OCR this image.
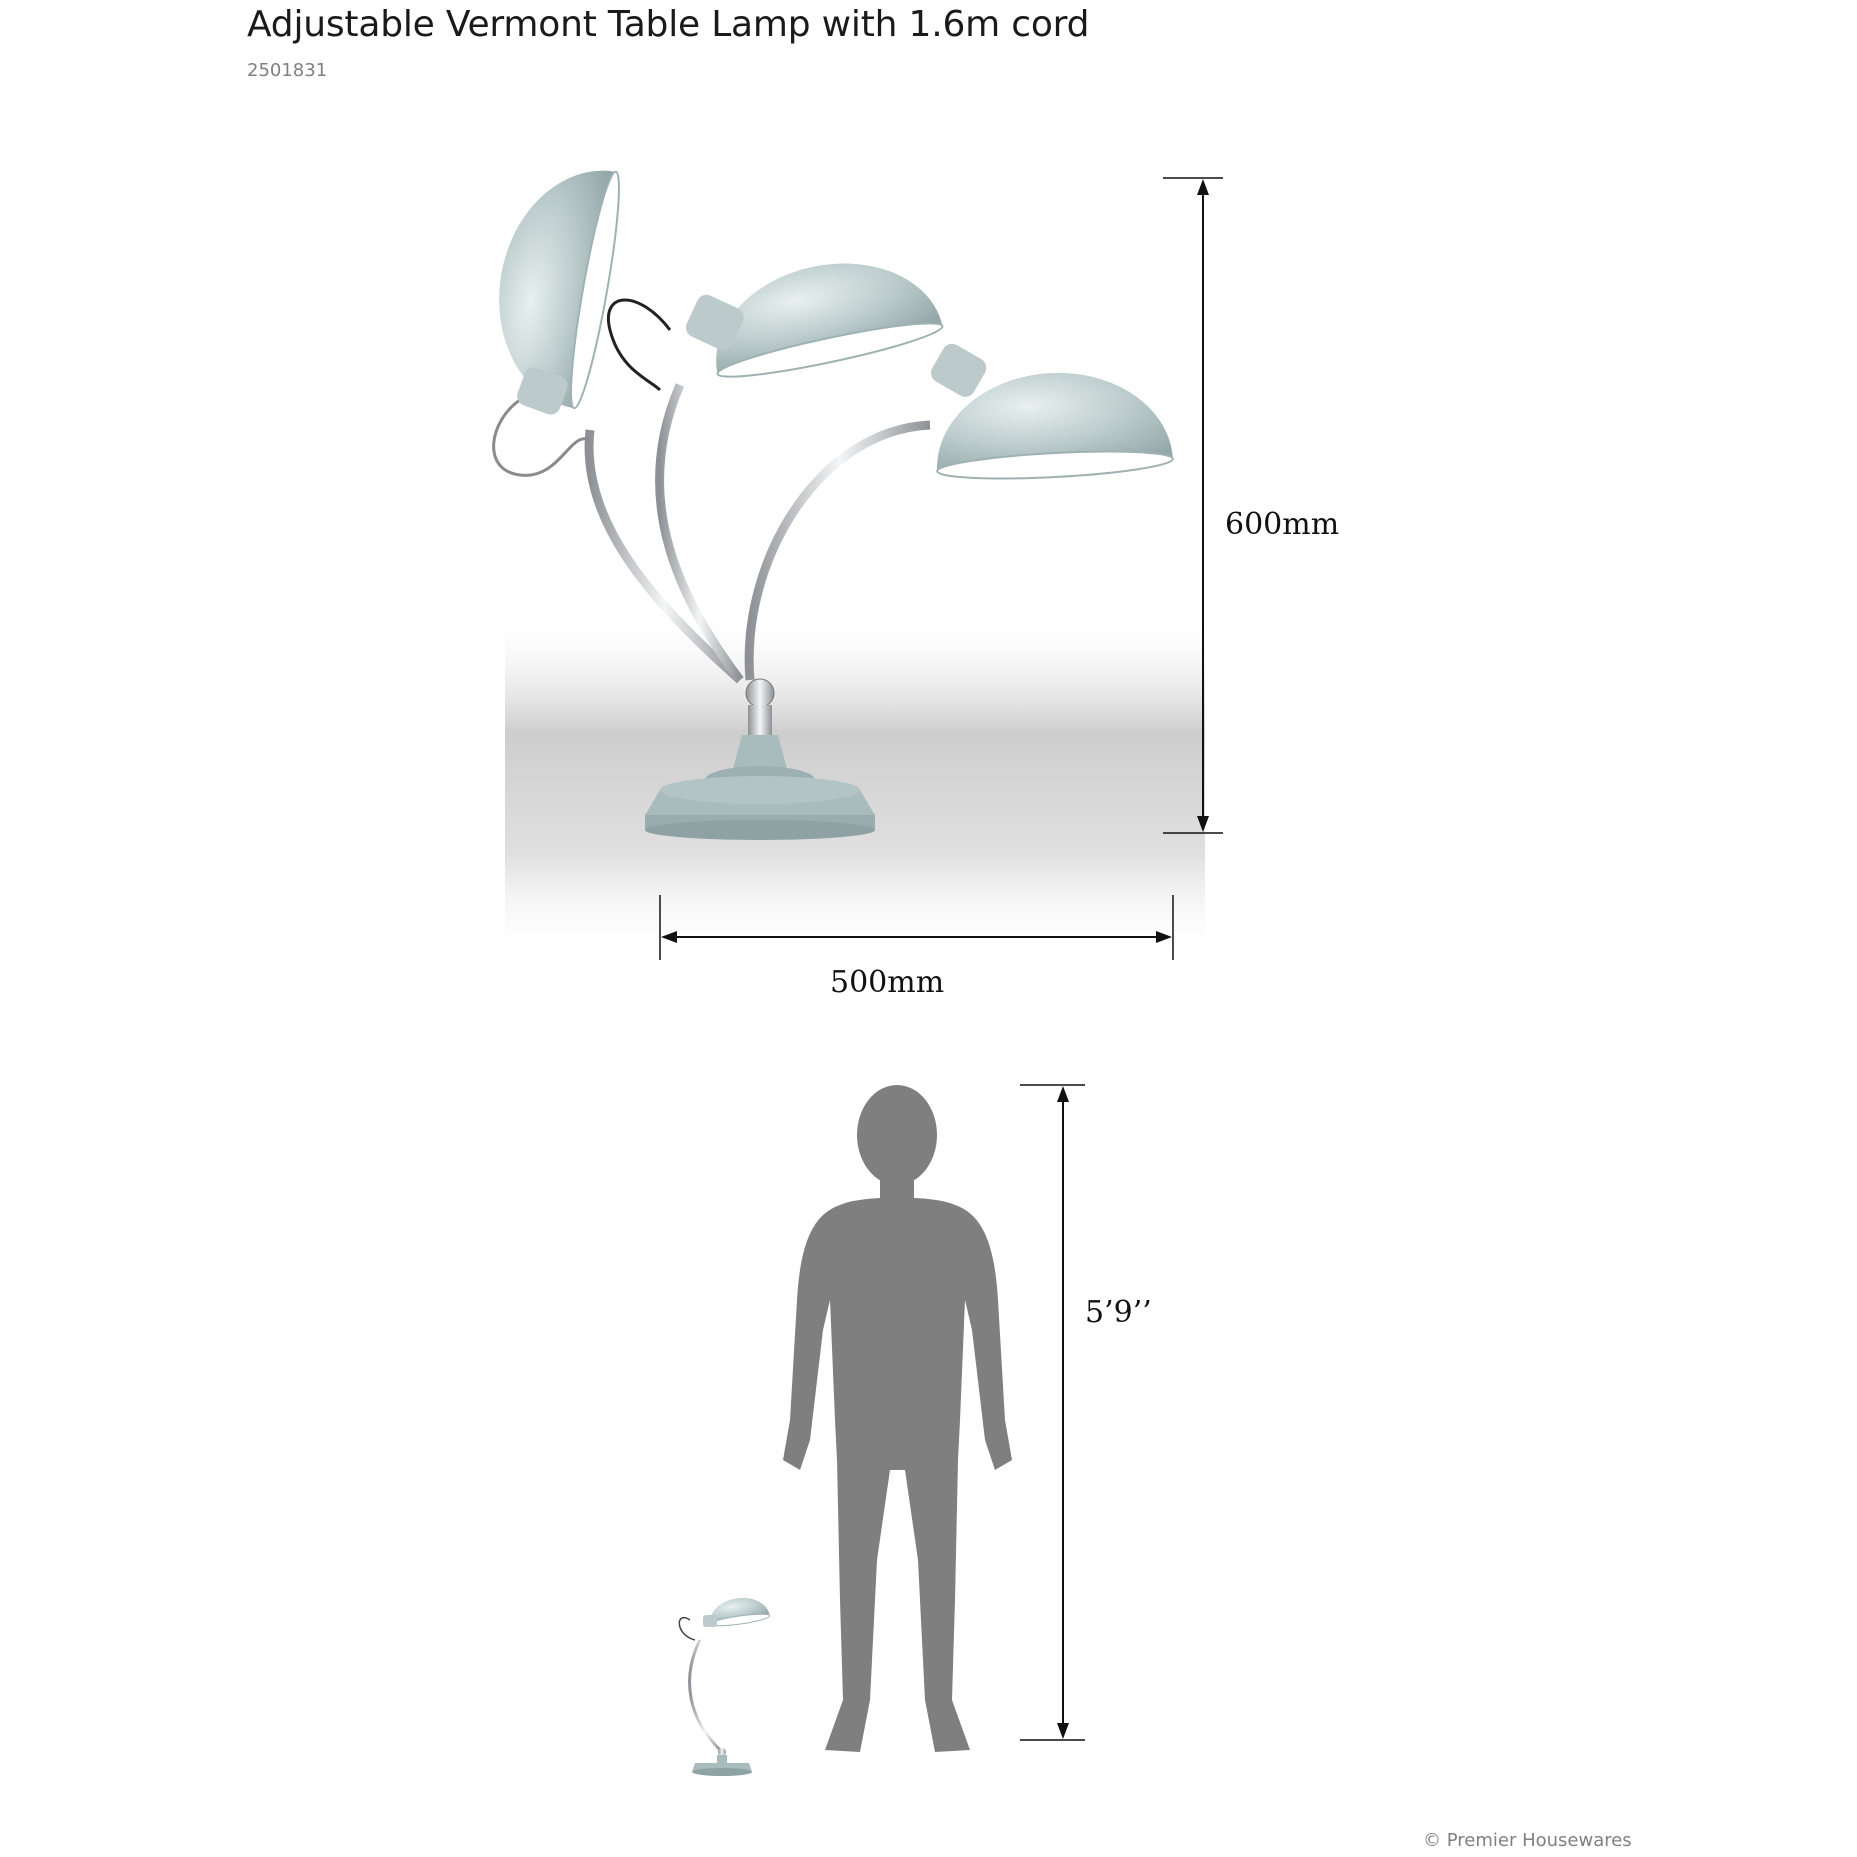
Adjustable Vermont Table Lamp with 1.6m cord
2501831
600mm
500mm
5’9’’
© Premier Housewares
